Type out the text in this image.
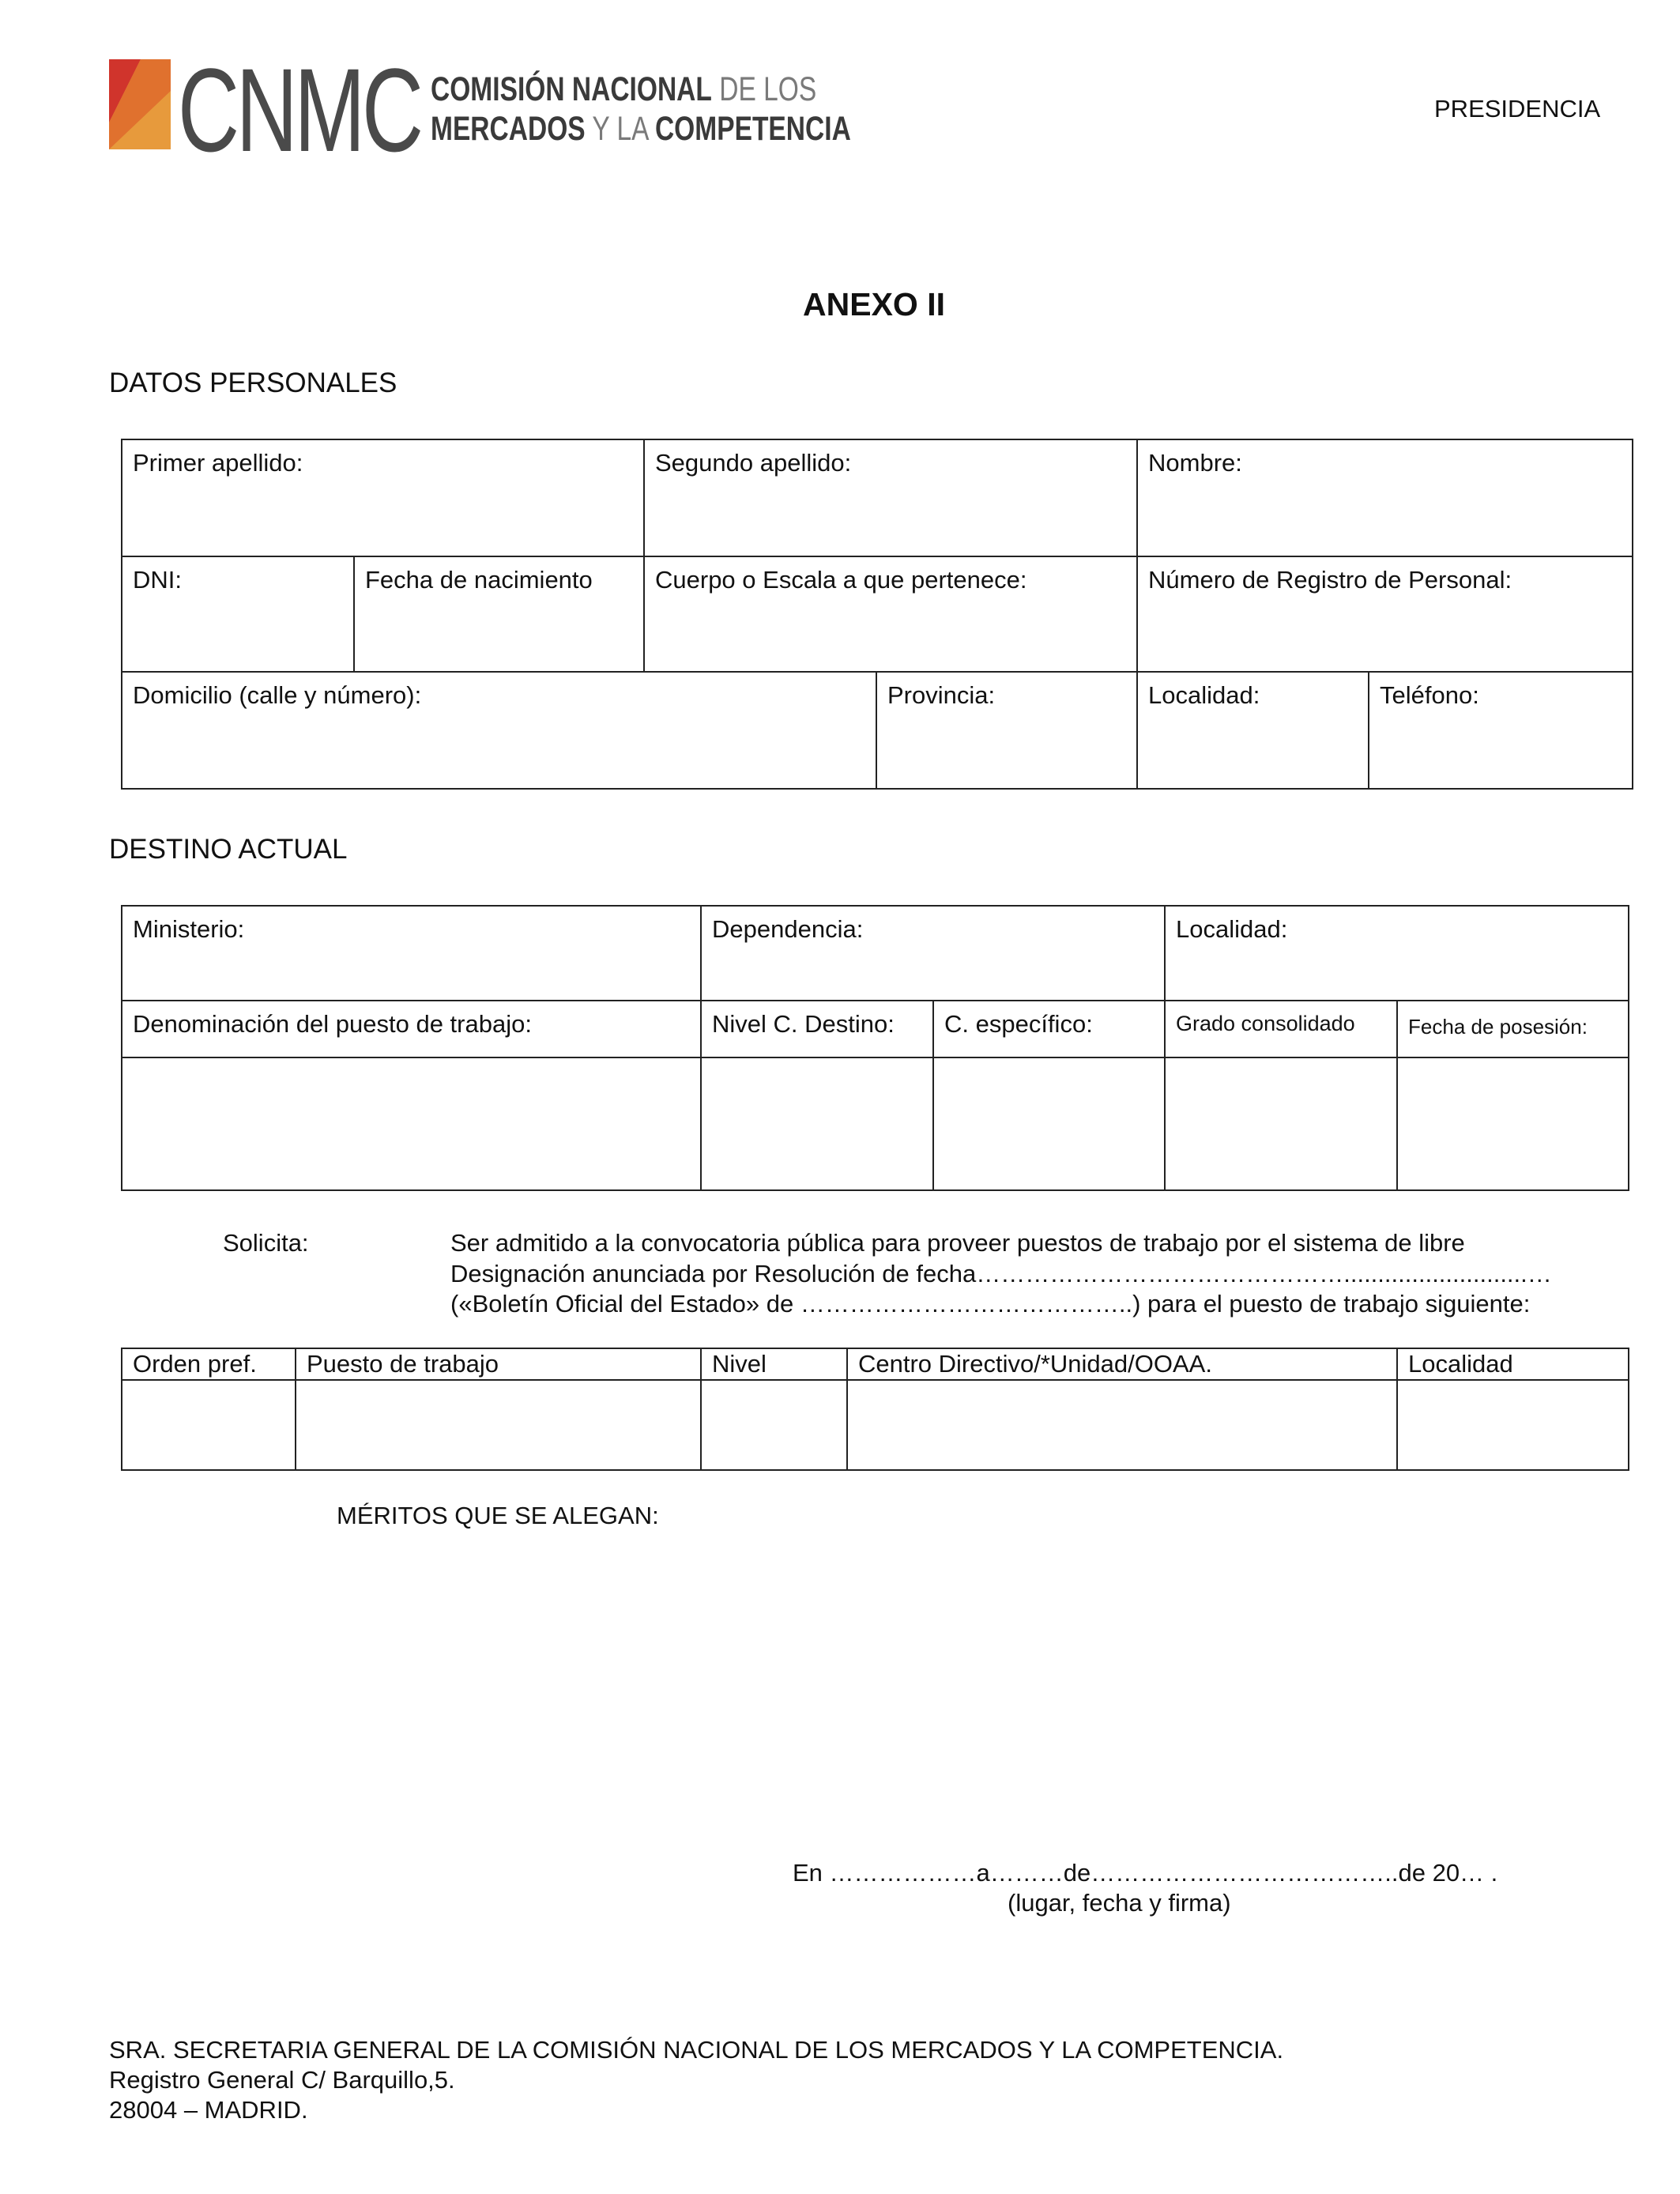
CNMC COMISIÓN NACIONAL DE LOS
MERCADOS Y LA COMPETENCIA
PRESIDENCIA
ANEXO II
DATOS PERSONALES
Primer apellido:		Segundo apellido:		Nombre:	
DNI:	Fecha de nacimiento	Cuerpo o Escala a que pertenece:		Número de Registro de Personal:	
Domicilio (calle y número):			Provincia:	Localidad:	Teléfono:
DESTINO ACTUAL
Ministerio:	Dependencia:		Localidad:	
Denominación del puesto de trabajo:	Nivel C. Destino:	C. específico:	Grado consolidado	Fecha de posesión:

Solicita:	Ser admitido a la convocatoria pública para proveer puestos de trabajo por el sistema de libre
Designación anunciada por Resolución de fecha………………………………………...........................…
(«Boletín Oficial del Estado» de …………………………………..) para el puesto de trabajo siguiente:
Orden pref.	Puesto de trabajo	Nivel	Centro Directivo/*Unidad/OOAA.	Localidad

MÉRITOS QUE SE ALEGAN:
En ………………a………de………………………………..de 20… .
(lugar, fecha y firma)
SRA. SECRETARIA GENERAL DE LA COMISIÓN NACIONAL DE LOS MERCADOS Y LA COMPETENCIA.
Registro General C/ Barquillo,5.
28004 – MADRID.
